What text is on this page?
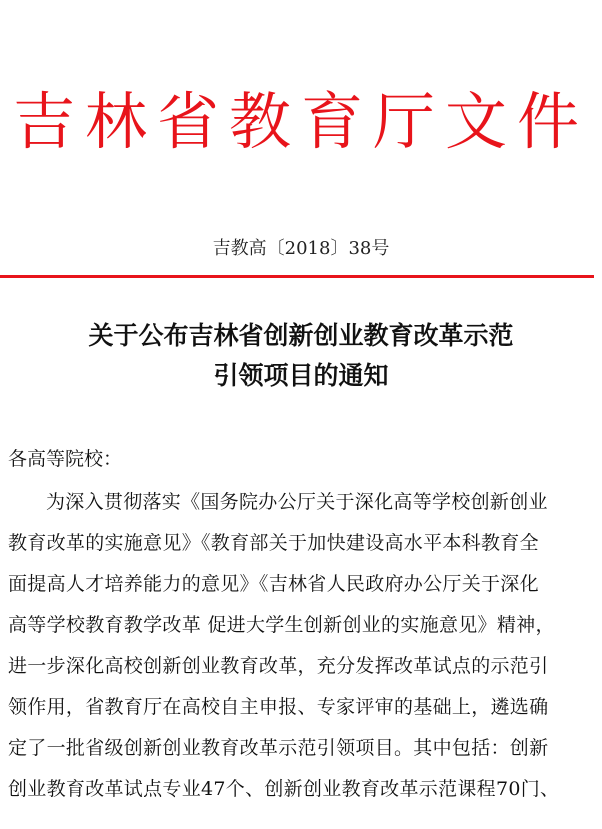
吉林省教育厅文件
吉教高〔2018〕38号
关于公布吉林省创新创业教育改革示范
引领项目的通知
各高等院校：
为深入贯彻落实《国务院办公厅关于深化高等学校创新创业
教育改革的实施意见》《教育部关于加快建设高水平本科教育全
面提高人才培养能力的意见》《吉林省人民政府办公厅关于深化
高等学校教育教学改革 促进大学生创新创业的实施意见》精神，
进一步深化高校创新创业教育改革，充分发挥改革试点的示范引
领作用，省教育厅在高校自主申报、专家评审的基础上，遴选确
定了一批省级创新创业教育改革示范引领项目。其中包括：创新
创业教育改革试点专业47个、创新创业教育改革示范课程70门、
